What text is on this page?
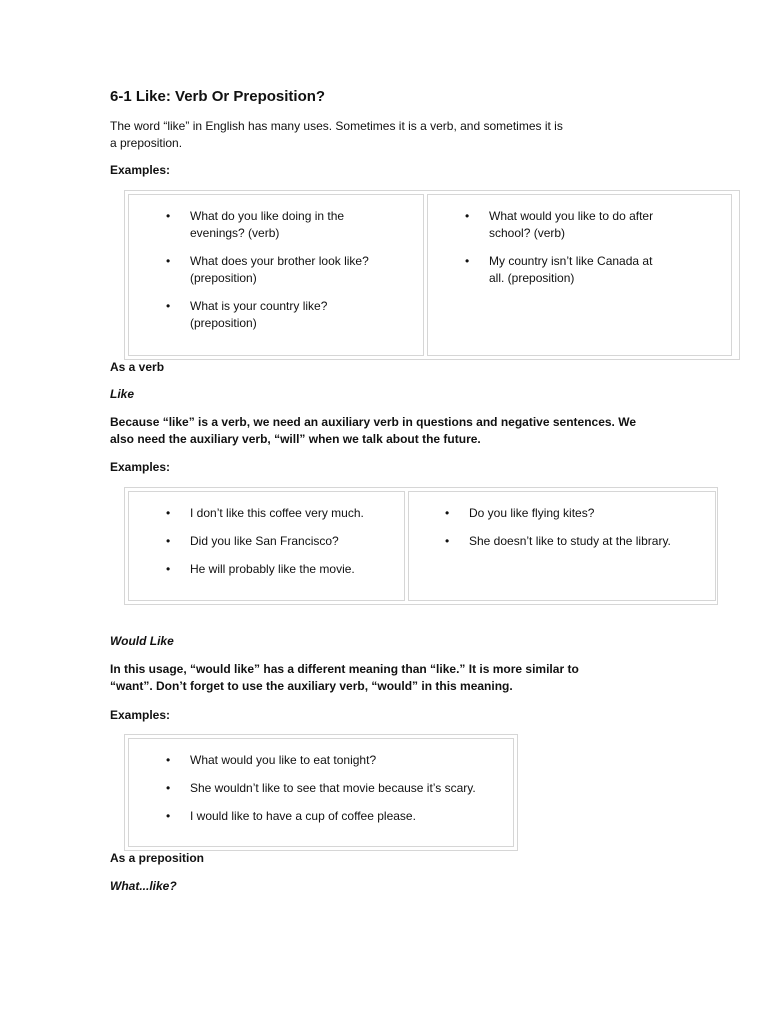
6-1 Like: Verb Or Preposition?

The word “like” in English has many uses. Sometimes it is a verb, and sometimes it is
a preposition.

Examples:

• What do you like doing in the
evenings? (verb)
• What does your brother look like?
(preposition)
• What is your country like?
(preposition)
• What would you like to do after
school? (verb)
• My country isn’t like Canada at
all. (preposition)

As a verb

Like

Because “like” is a verb, we need an auxiliary verb in questions and negative sentences. We
also need the auxiliary verb, “will” when we talk about the future.

Examples:

• I don’t like this coffee very much.
• Did you like San Francisco?
• He will probably like the movie.
• Do you like flying kites?
• She doesn’t like to study at the library.

Would Like

In this usage, “would like” has a different meaning than “like.” It is more similar to
“want”. Don’t forget to use the auxiliary verb, “would” in this meaning.

Examples:

• What would you like to eat tonight?
• She wouldn’t like to see that movie because it’s scary.
• I would like to have a cup of coffee please.

As a preposition

What...like?
